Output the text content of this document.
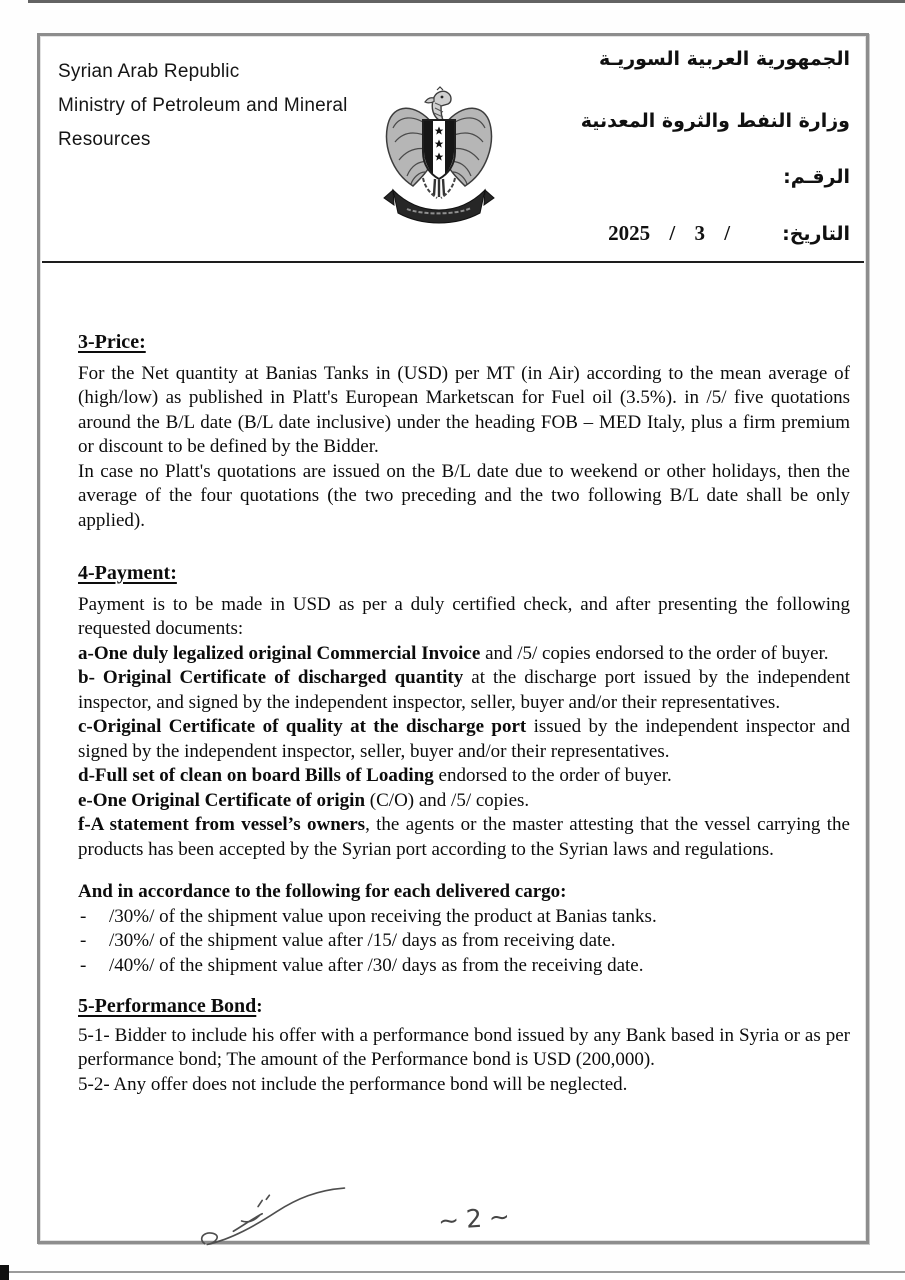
Syrian Arab Republic
Ministry of Petroleum and Mineral
Resources
الجمهورية العربية السوريـة
وزارة النفط والثروة المعدنية
الرقـم:
2025 / 3 /	التاريخ:
3-Price:

For the Net quantity at Banias Tanks in (USD) per MT (in Air) according to the mean average of (high/low) as published in Platt's European Marketscan for Fuel oil (3.5%). in /5/ five quotations around the B/L date (B/L date inclusive) under the heading FOB – MED Italy, plus a firm premium or discount to be defined by the Bidder.

In case no Platt's quotations are issued on the B/L date due to weekend or other holidays, then the average of the four quotations (the two preceding and the two following B/L date shall be only applied).

4-Payment:

Payment is to be made in USD as per a duly certified check, and after presenting the following requested documents:

a-One duly legalized original Commercial Invoice and /5/ copies endorsed to the order of buyer.

b- Original Certificate of discharged quantity at the discharge port issued by the independent inspector, and signed by the independent inspector, seller, buyer and/or their representatives.

c-Original Certificate of quality at the discharge port issued by the independent inspector and signed by the independent inspector, seller, buyer and/or their representatives.

d-Full set of clean on board Bills of Loading endorsed to the order of buyer.

e-One Original Certificate of origin (C/O) and /5/ copies.

f-A statement from vessel’s owners, the agents or the master attesting that the vessel carrying the products has been accepted by the Syrian port according to the Syrian laws and regulations.

And in accordance to the following for each delivered cargo:
-	/30%/ of the shipment value upon receiving the product at Banias tanks.
-	/30%/ of the shipment value after /15/ days as from receiving date.
-	/40%/ of the shipment value after /30/ days as from the receiving date.
5-Performance Bond:

5-1- Bidder to include his offer with a performance bond issued by any Bank based in Syria or as per performance bond; The amount of the Performance bond is USD (200,000).

5-2- Any offer does not include the performance bond will be neglected.

~2~
